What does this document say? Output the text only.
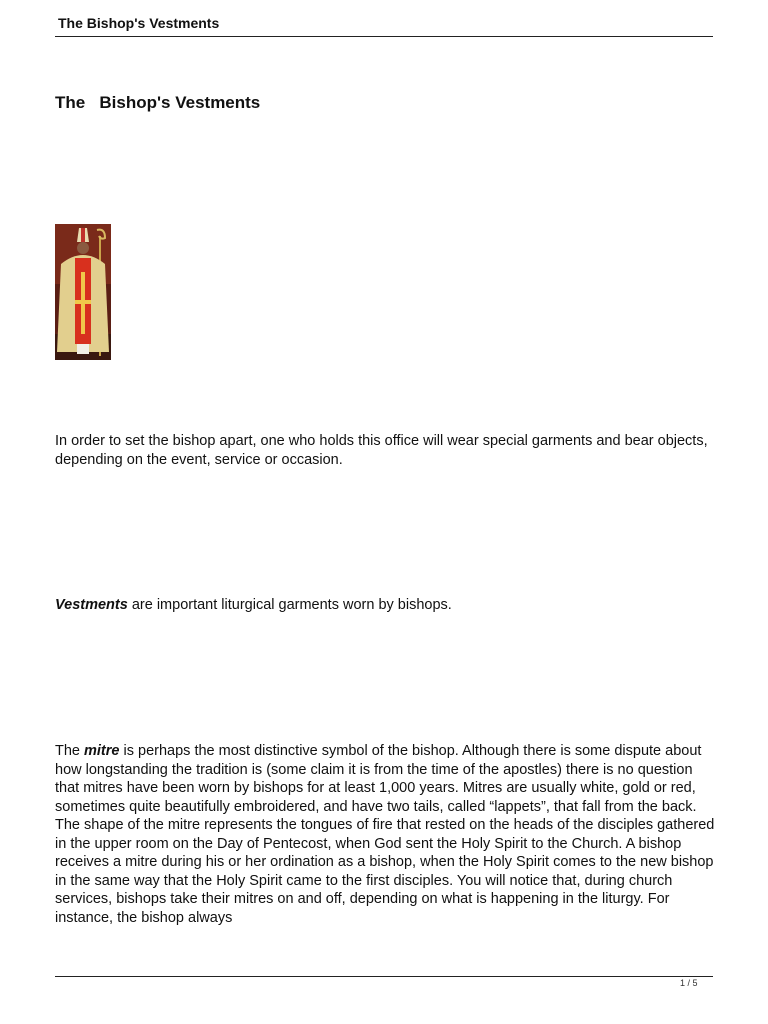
The Bishop's Vestments
The   Bishop's Vestments

In order to set the bishop apart, one who holds this office will wear special garments and bear objects, depending on the event, service or occasion.

Vestments are important liturgical garments worn by bishops.

The mitre is perhaps the most distinctive symbol of the bishop. Although there is some dispute about how longstanding the tradition is (some claim it is from the time of the apostles) there is no question that mitres have been worn by bishops for at least 1,000 years. Mitres are usually white, gold or red, sometimes quite beautifully embroidered, and have two tails, called “lappets”, that fall from the back. The shape of the mitre represents the tongues of fire that rested on the heads of the disciples gathered in the upper room on the Day of Pentecost, when God sent the Holy Spirit to the Church. A bishop receives a mitre during his or her ordination as a bishop, when the Holy Spirit comes to the new bishop in the same way that the Holy Spirit came to the first disciples. You will notice that, during church services, bishops take their mitres on and off, depending on what is happening in the liturgy. For instance, the bishop always

1 / 5
